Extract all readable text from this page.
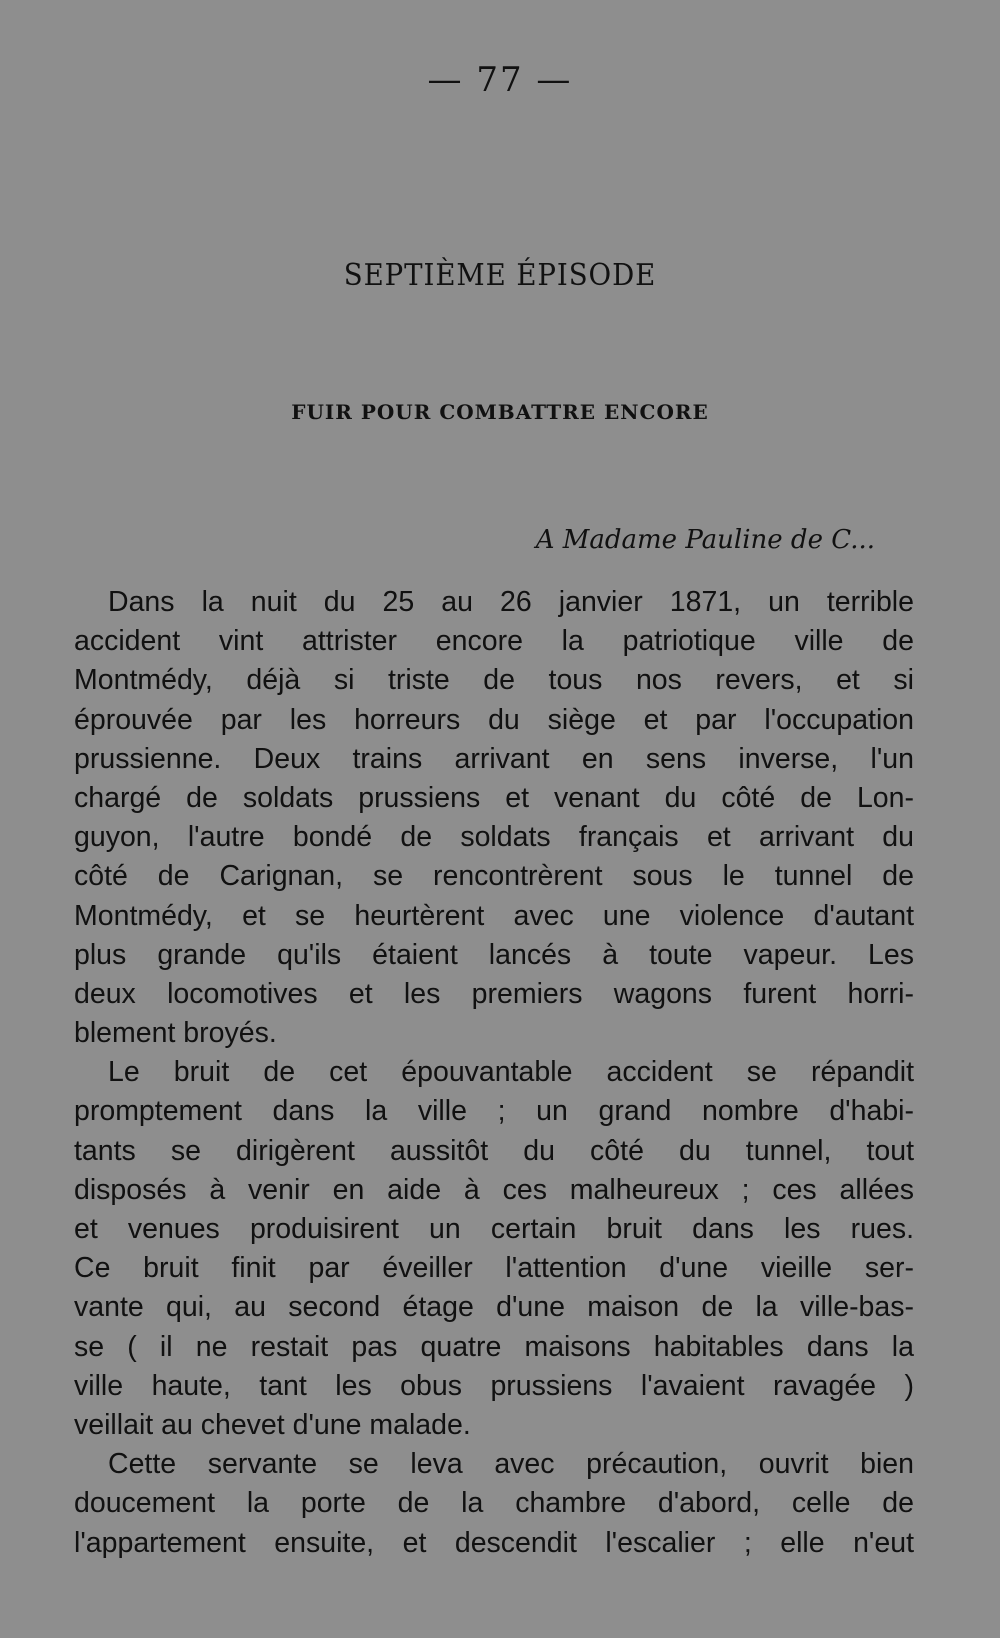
— 77 —
SEPTIÈME ÉPISODE
FUIR POUR COMBATTRE ENCORE
A Madame Pauline de C...
Dans la nuit du 25 au 26 janvier 1871, un terrible
accident vint attrister encore la patriotique ville de
Montmédy, déjà si triste de tous nos revers, et si
éprouvée par les horreurs du siège et par l'occupation
prussienne. Deux trains arrivant en sens inverse, l'un
chargé de soldats prussiens et venant du côté de Lon-
guyon, l'autre bondé de soldats français et arrivant du
côté de Carignan, se rencontrèrent sous le tunnel de
Montmédy, et se heurtèrent avec une violence d'autant
plus grande qu'ils étaient lancés à toute vapeur. Les
deux locomotives et les premiers wagons furent horri-
blement broyés.
Le bruit de cet épouvantable accident se répandit
promptement dans la ville ; un grand nombre d'habi-
tants se dirigèrent aussitôt du côté du tunnel, tout
disposés à venir en aide à ces malheureux ; ces allées
et venues produisirent un certain bruit dans les rues.
Ce bruit finit par éveiller l'attention d'une vieille ser-
vante qui, au second étage d'une maison de la ville-bas-
se ( il ne restait pas quatre maisons habitables dans la
ville haute, tant les obus prussiens l'avaient ravagée )
veillait au chevet d'une malade.
Cette servante se leva avec précaution, ouvrit bien
doucement la porte de la chambre d'abord, celle de
l'appartement ensuite, et descendit l'escalier ; elle n'eut
